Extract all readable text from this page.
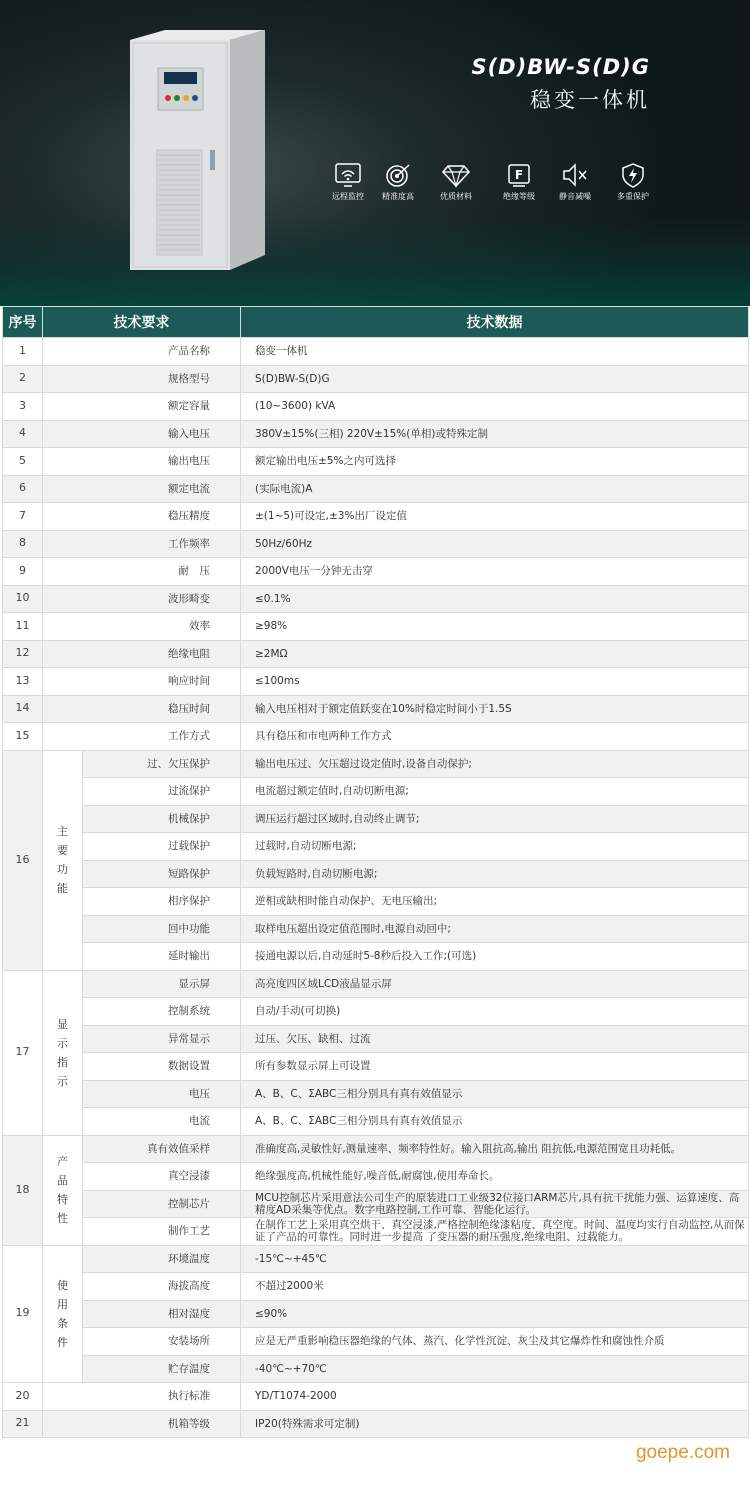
S(D)BW-S(D)G
稳变一体机
远程监控	精准度高	优质材料
F
绝缘等级	静音减噪	多重保护
序号	技术要求		技术数据
1	产品名称		稳变一体机
2	规格型号		S(D)BW-S(D)G
3	额定容量		(10~3600) kVA
4	输入电压		380V±15%(三相) 220V±15%(单相)或特殊定制
5	输出电压		额定输出电压±5%之内可选择
6	额定电流		(实际电流)A
7	稳压精度		±(1~5)可设定,±3%出厂设定值
8	工作频率		50Hz/60Hz
9	耐　压		2000V电压一分钟无击穿
10	波形畸变		≤0.1%
11	效率		≥98%
12	绝缘电阻		≥2MΩ
13	响应时间		≤100ms
14	稳压时间		输入电压相对于额定值跃变在10%时稳定时间小于1.5S
15	工作方式		具有稳压和市电两种工作方式
16	主要功能	过、欠压保护	输出电压过、欠压超过设定值时,设备自动保护;
		过流保护	电流超过额定值时,自动切断电源;
		机械保护	调压运行超过区域时,自动终止调节;
		过载保护	过载时,自动切断电源;
		短路保护	负载短路时,自动切断电源;
		相序保护	逆相或缺相时能自动保护、无电压输出;
		回中功能	取样电压超出设定值范围时,电源自动回中;
		延时输出	接通电源以后,自动延时5-8秒后投入工作;(可选)
17	显示指示	显示屏	高亮度四区域LCD液晶显示屏
		控制系统	自动/手动(可切换)
		异常显示	过压、欠压、缺相、过流
		数据设置	所有参数显示屏上可设置
		电压	A、B、C、ΣABC三相分别具有真有效值显示
		电流	A、B、C、ΣABC三相分别具有真有效值显示
18	产品特性	真有效值采样	准确度高,灵敏性好,测量速率、频率特性好。输入阻抗高,输出 阻抗低,电源范围宽且功耗低。
		真空浸漆	绝缘强度高,机械性能好,噪音低,耐腐蚀,使用寿命长。
		控制芯片	MCU控制芯片采用意法公司生产的原装进口工业级32位接口ARM芯片,具有抗干扰能力强、运算速度、高精度AD采集等优点。数字电路控制,工作可靠、智能化运行。
		制作工艺	在制作工艺上采用真空烘干、真空浸漆,严格控制绝缘漆粘度、真空度。时间、温度均实行自动监控,从而保证了产品的可靠性。同时进一步提高 了变压器的耐压强度,绝缘电阻、过载能力。
19	使用条件	环境温度	-15℃~+45℃
		海拔高度	不超过2000米
		相对湿度	≤90%
		安装场所	应是无严重影响稳压器绝缘的气体、蒸汽、化学性沉淀、灰尘及其它爆炸性和腐蚀性介质
		贮存温度	-40℃~+70℃
20	执行标准		YD/T1074-2000
21	机箱等级		IP20(特殊需求可定制)
goepe.com
